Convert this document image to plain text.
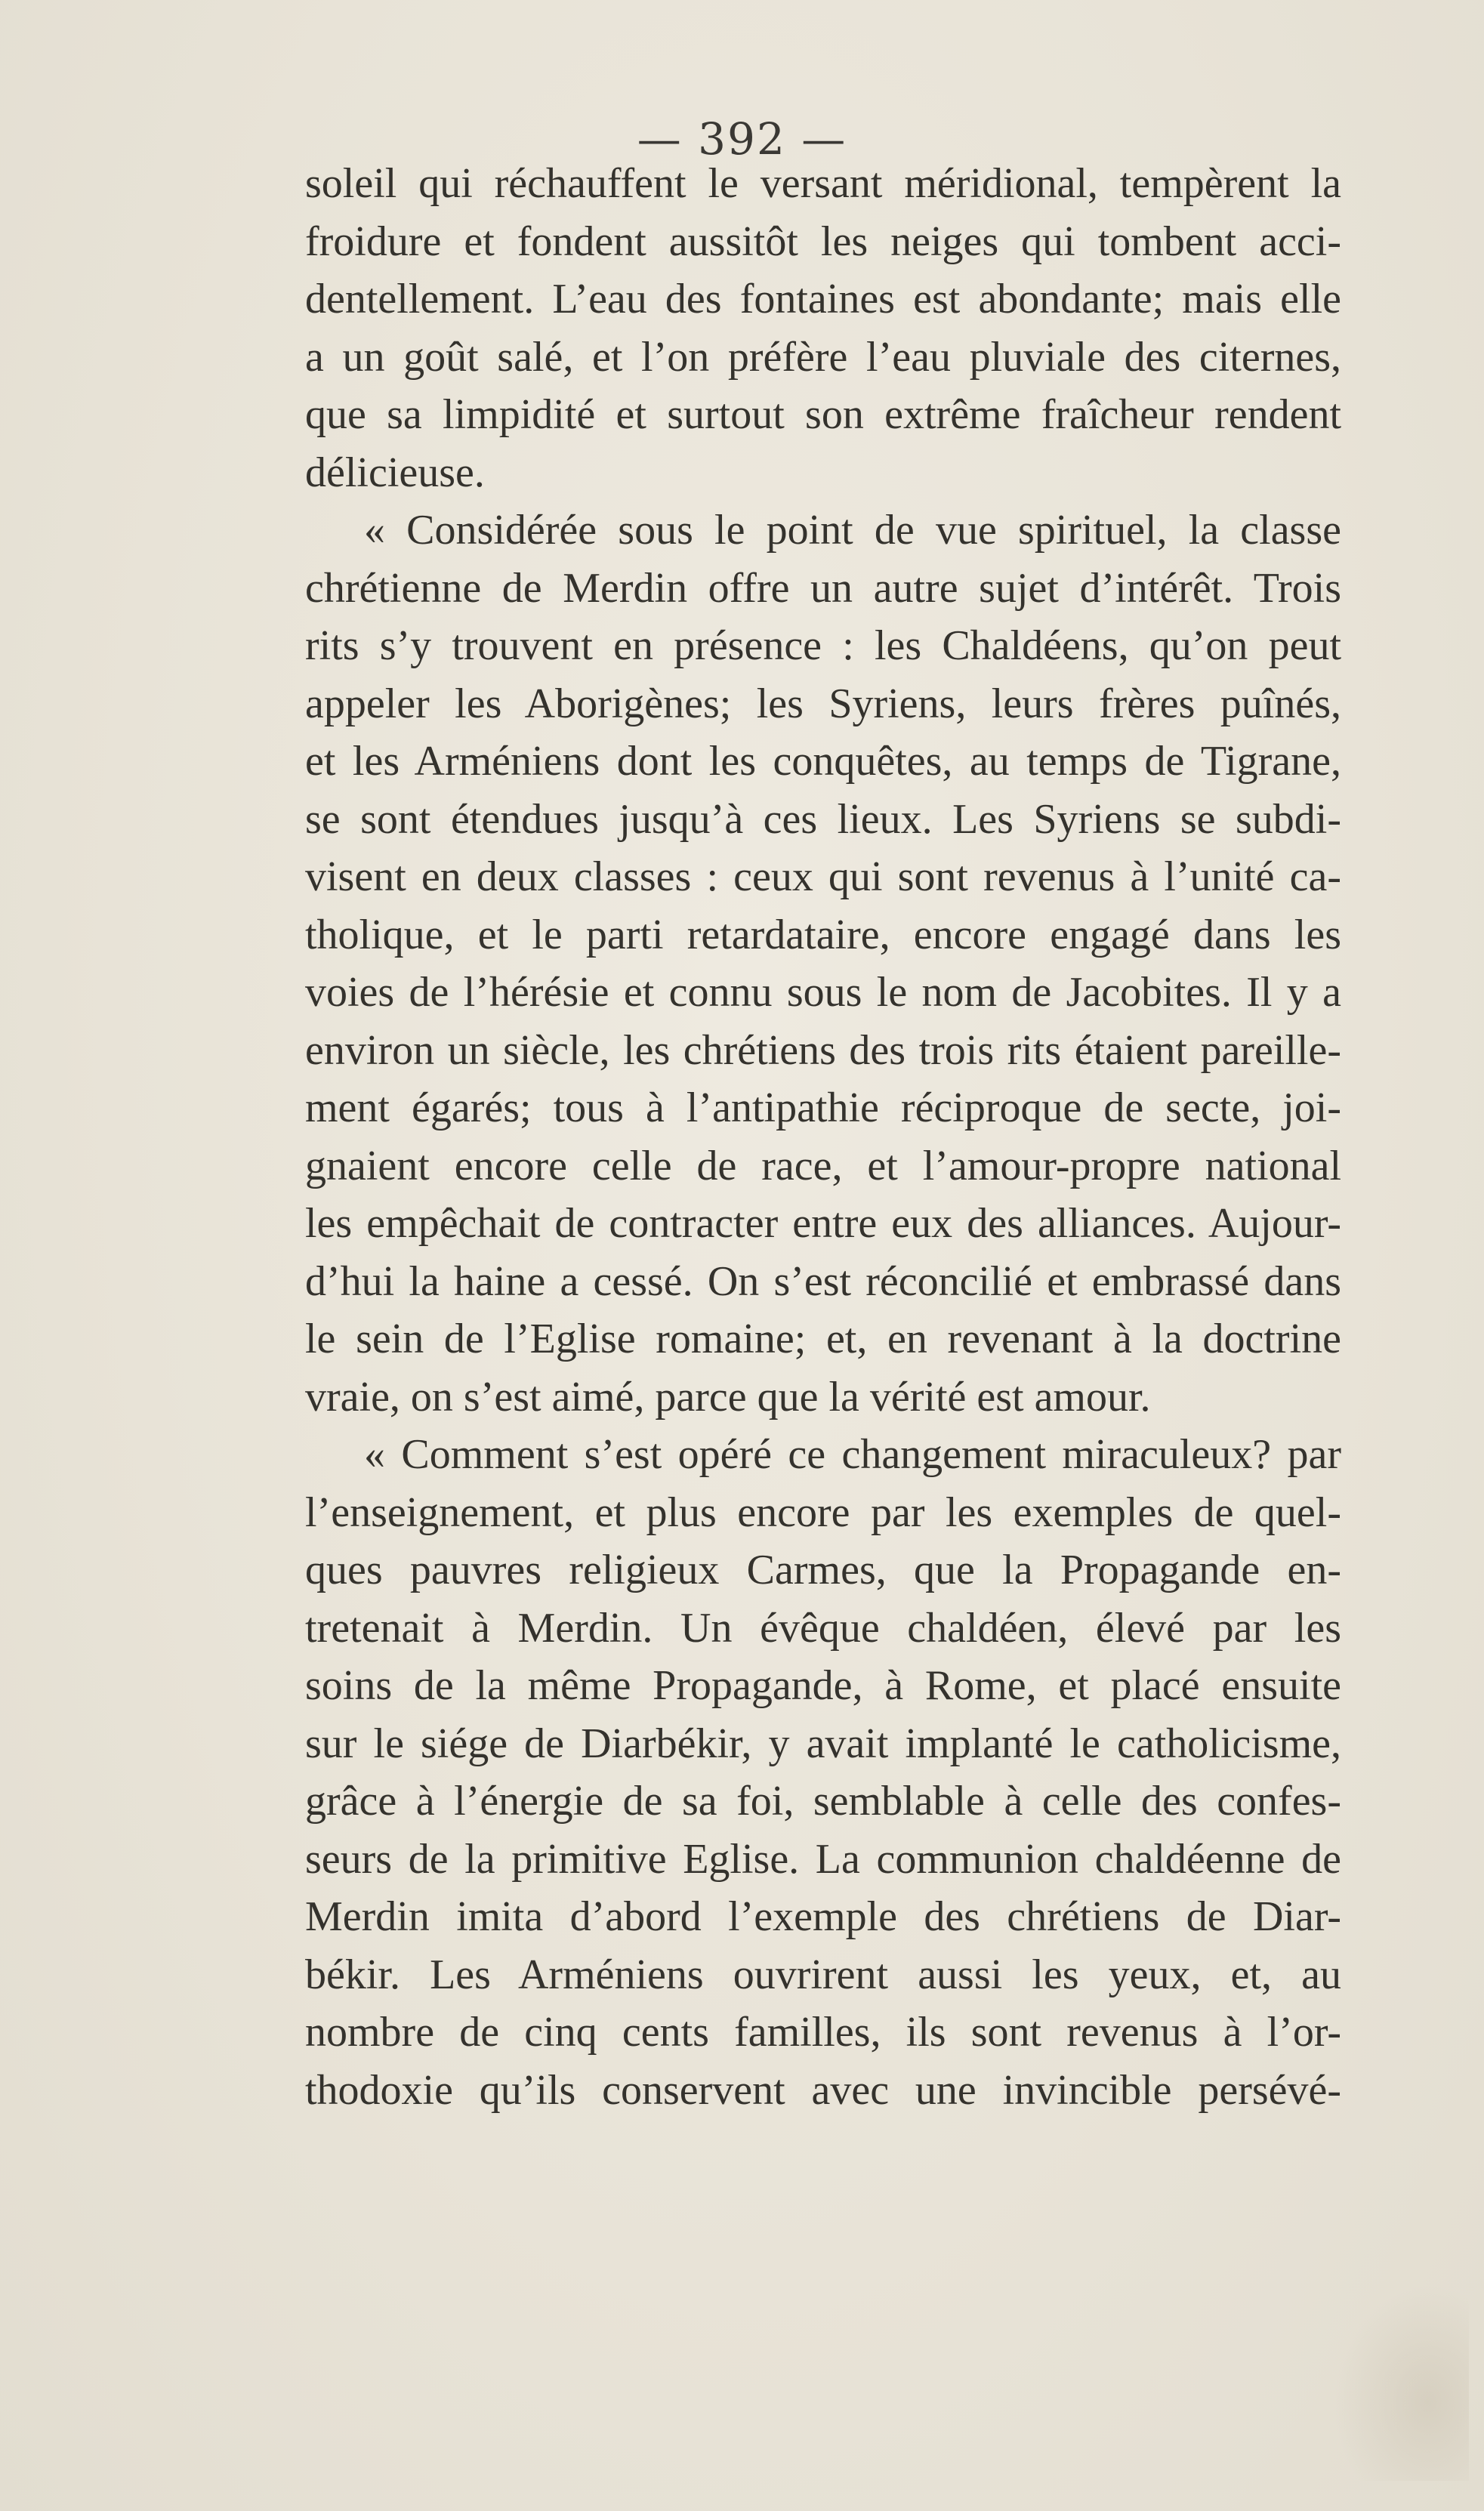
— 392 —
soleil qui réchauffent le versant méridional, tempèrent la
froidure et fondent aussitôt les neiges qui tombent acci-
dentellement. L’eau des fontaines est abondante; mais elle
a un goût salé, et l’on préfère l’eau pluviale des citernes,
que sa limpidité et surtout son extrême fraîcheur rendent
délicieuse.
« Considérée sous le point de vue spirituel, la classe
chrétienne de Merdin offre un autre sujet d’intérêt. Trois
rits s’y trouvent en présence : les Chaldéens, qu’on peut
appeler les Aborigènes; les Syriens, leurs frères puînés,
et les Arméniens dont les conquêtes, au temps de Tigrane,
se sont étendues jusqu’à ces lieux. Les Syriens se subdi-
visent en deux classes : ceux qui sont revenus à l’unité ca-
tholique, et le parti retardataire, encore engagé dans les
voies de l’hérésie et connu sous le nom de Jacobites. Il y a
environ un siècle, les chrétiens des trois rits étaient pareille-
ment égarés; tous à l’antipathie réciproque de secte, joi-
gnaient encore celle de race, et l’amour-propre national
les empêchait de contracter entre eux des alliances. Aujour-
d’hui la haine a cessé. On s’est réconcilié et embrassé dans
le sein de l’Eglise romaine; et, en revenant à la doctrine
vraie, on s’est aimé, parce que la vérité est amour.
« Comment s’est opéré ce changement miraculeux? par
l’enseignement, et plus encore par les exemples de quel-
ques pauvres religieux Carmes, que la Propagande en-
tretenait à Merdin. Un évêque chaldéen, élevé par les
soins de la même Propagande, à Rome, et placé ensuite
sur le siége de Diarbékir, y avait implanté le catholicisme,
grâce à l’énergie de sa foi, semblable à celle des confes-
seurs de la primitive Eglise. La communion chaldéenne de
Merdin imita d’abord l’exemple des chrétiens de Diar-
békir. Les Arméniens ouvrirent aussi les yeux, et, au
nombre de cinq cents familles, ils sont revenus à l’or-
thodoxie qu’ils conservent avec une invincible persévé-
